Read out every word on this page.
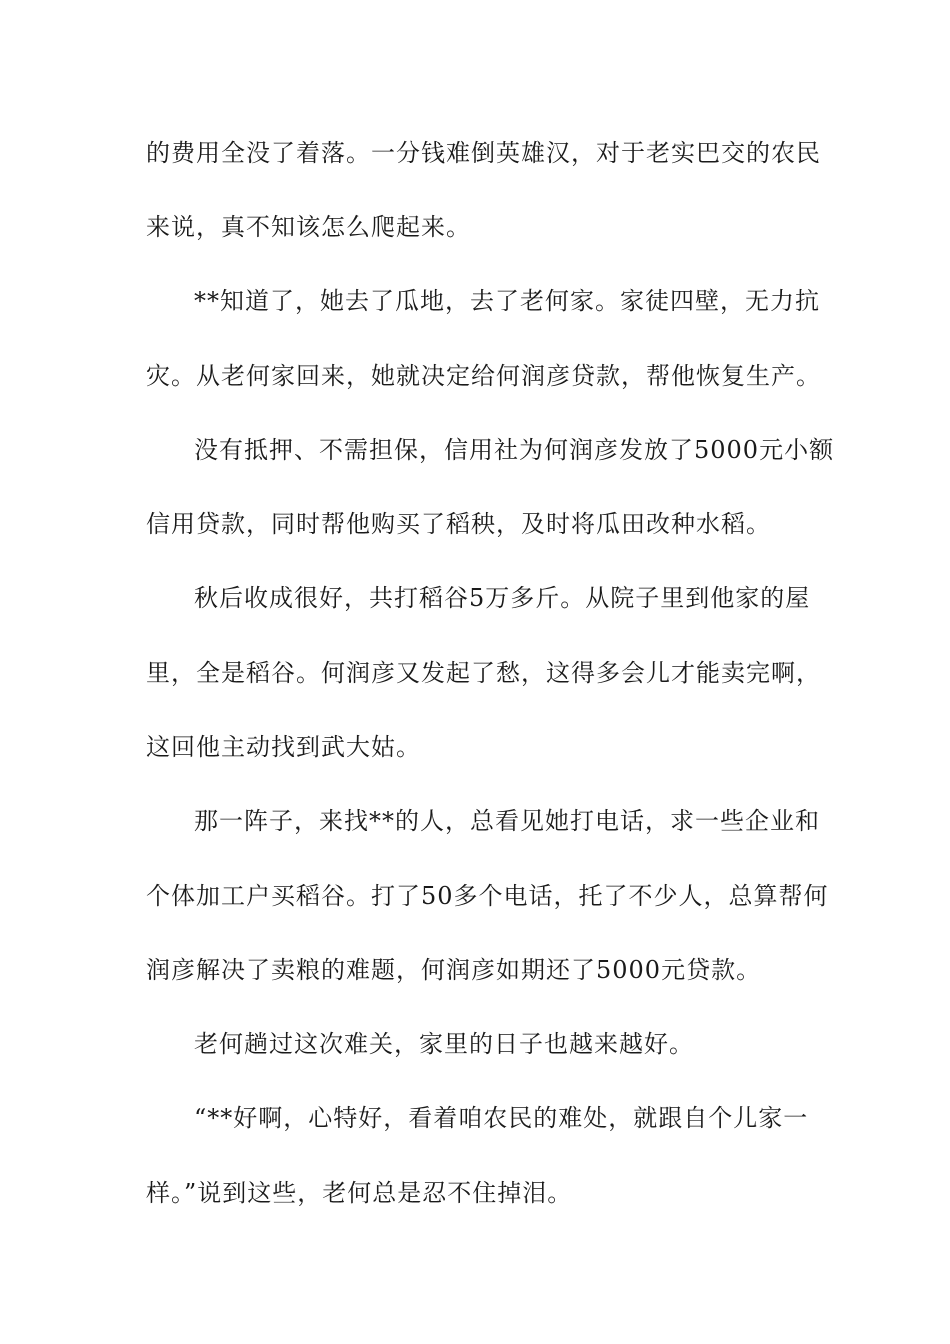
的费用全没了着落。一分钱难倒英雄汉，对于老实巴交的农民
来说，真不知该怎么爬起来。
**知道了，她去了瓜地，去了老何家。家徒四壁，无力抗
灾。从老何家回来，她就决定给何润彦贷款，帮他恢复生产。
没有抵押、不需担保，信用社为何润彦发放了5000元小额
信用贷款，同时帮他购买了稻秧，及时将瓜田改种水稻。
秋后收成很好，共打稻谷5万多斤。从院子里到他家的屋
里，全是稻谷。何润彦又发起了愁，这得多会儿才能卖完啊，
这回他主动找到武大姑。
那一阵子，来找**的人，总看见她打电话，求一些企业和
个体加工户买稻谷。打了50多个电话，托了不少人，总算帮何
润彦解决了卖粮的难题，何润彦如期还了5000元贷款。
老何趟过这次难关，家里的日子也越来越好。
“**好啊，心特好，看着咱农民的难处，就跟自个儿家一
样。”说到这些，老何总是忍不住掉泪。
